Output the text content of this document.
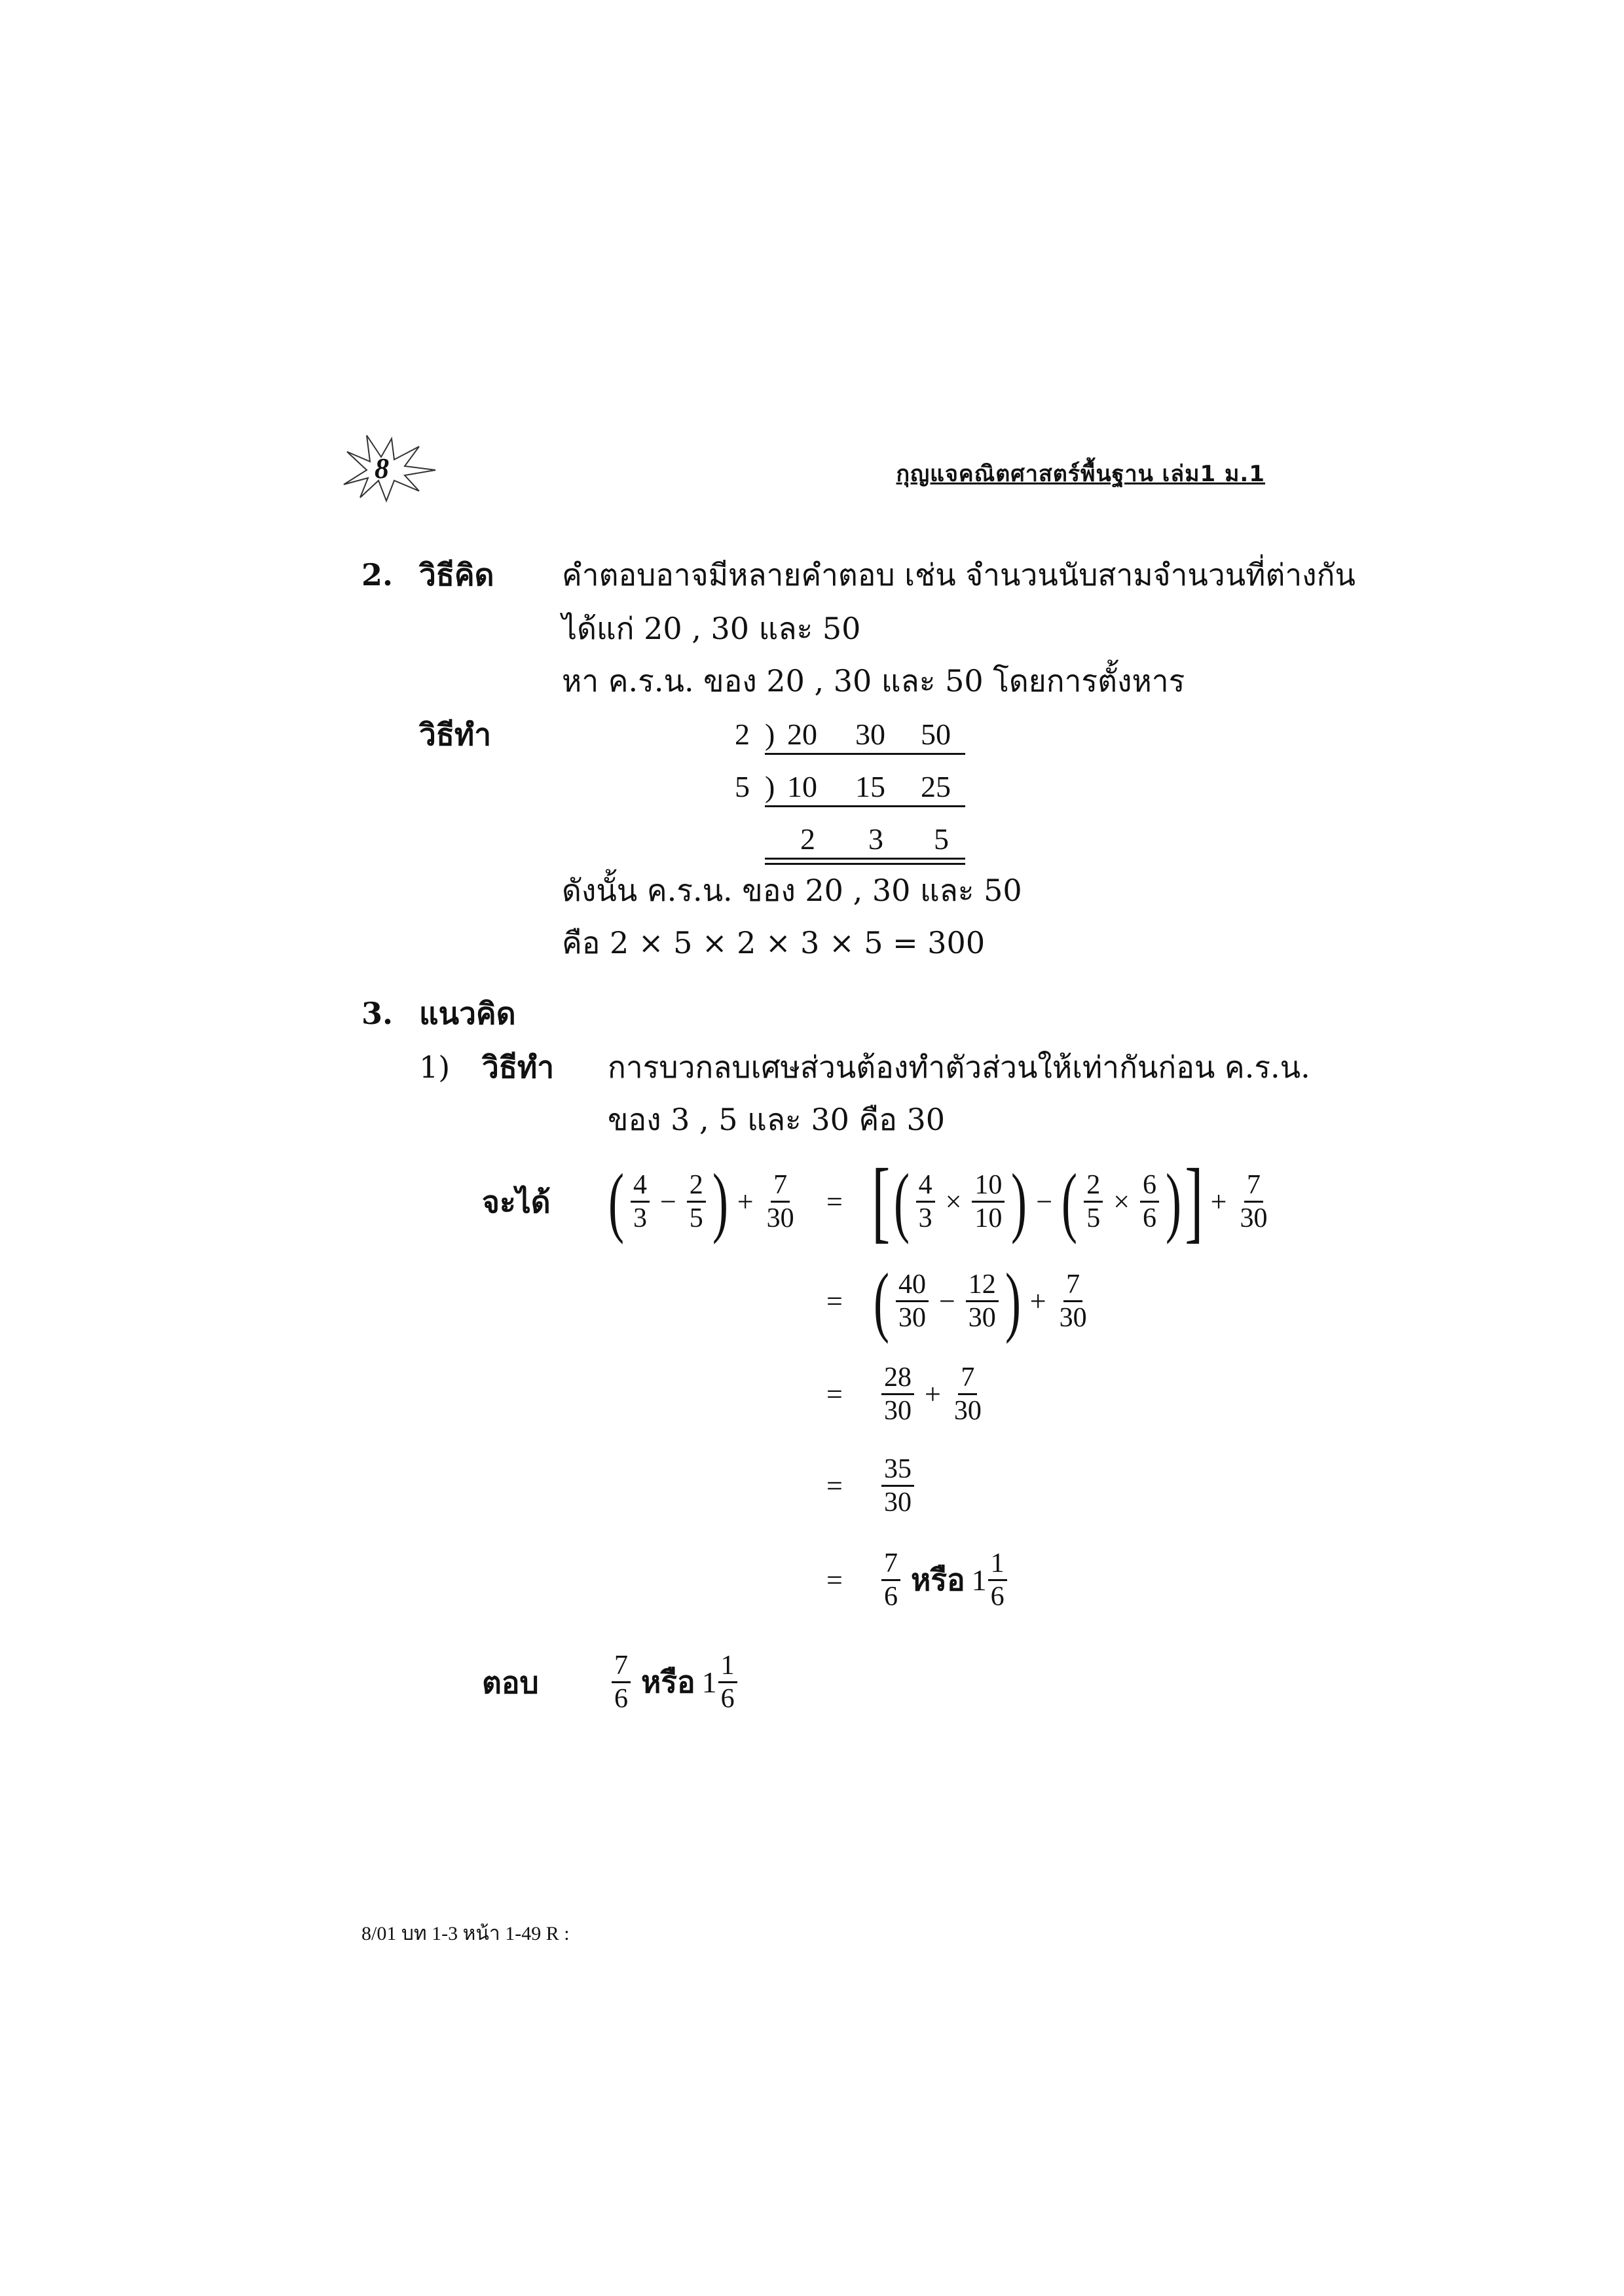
8	กุญแจคณิตศาสตร์พื้นฐาน เล่ม1 ม.1
2. วิธีคิด คำตอบอาจมีหลายคำตอบ เช่น จำนวนนับสามจำนวนที่ต่างกัน
ได้แก่ 20 , 30 และ 50
หา ค.ร.น. ของ 20 , 30 และ 50 โดยการตั้งหาร
วิธีทำ	2 ) 20 30 50
5 ) 10 15 25
2 3 5
ดังนั้น ค.ร.น. ของ 20 , 30 และ 50
คือ 2 × 5 × 2 × 3 × 5 = 300
3. แนวคิด
1) วิธีทำ การบวกลบเศษส่วนต้องทำตัวส่วนให้เท่ากันก่อน ค.ร.น.
ของ 3 , 5 และ 30 คือ 30
จะได้ ( $\frac{4}{3} - \frac{2}{5}$ ) + $\frac{7}{30}$ = [ ( $\frac{4}{3} \times \frac{10}{10}$ ) − ( $\frac{2}{5} \times \frac{6}{6}$ ) ] + $\frac{7}{30}$
= ( $\frac{40}{30} - \frac{12}{30}$ ) + $\frac{7}{30}$
= $\frac{28}{30} + \frac{7}{30}$
= $\frac{35}{30}$
= $\frac{7}{6}$ หรือ $1 \frac{1}{6}$
ตอบ	$\frac{7}{6}$ หรือ $1 \frac{1}{6}$
8/01 บท 1-3 หน้า 1-49 R :
